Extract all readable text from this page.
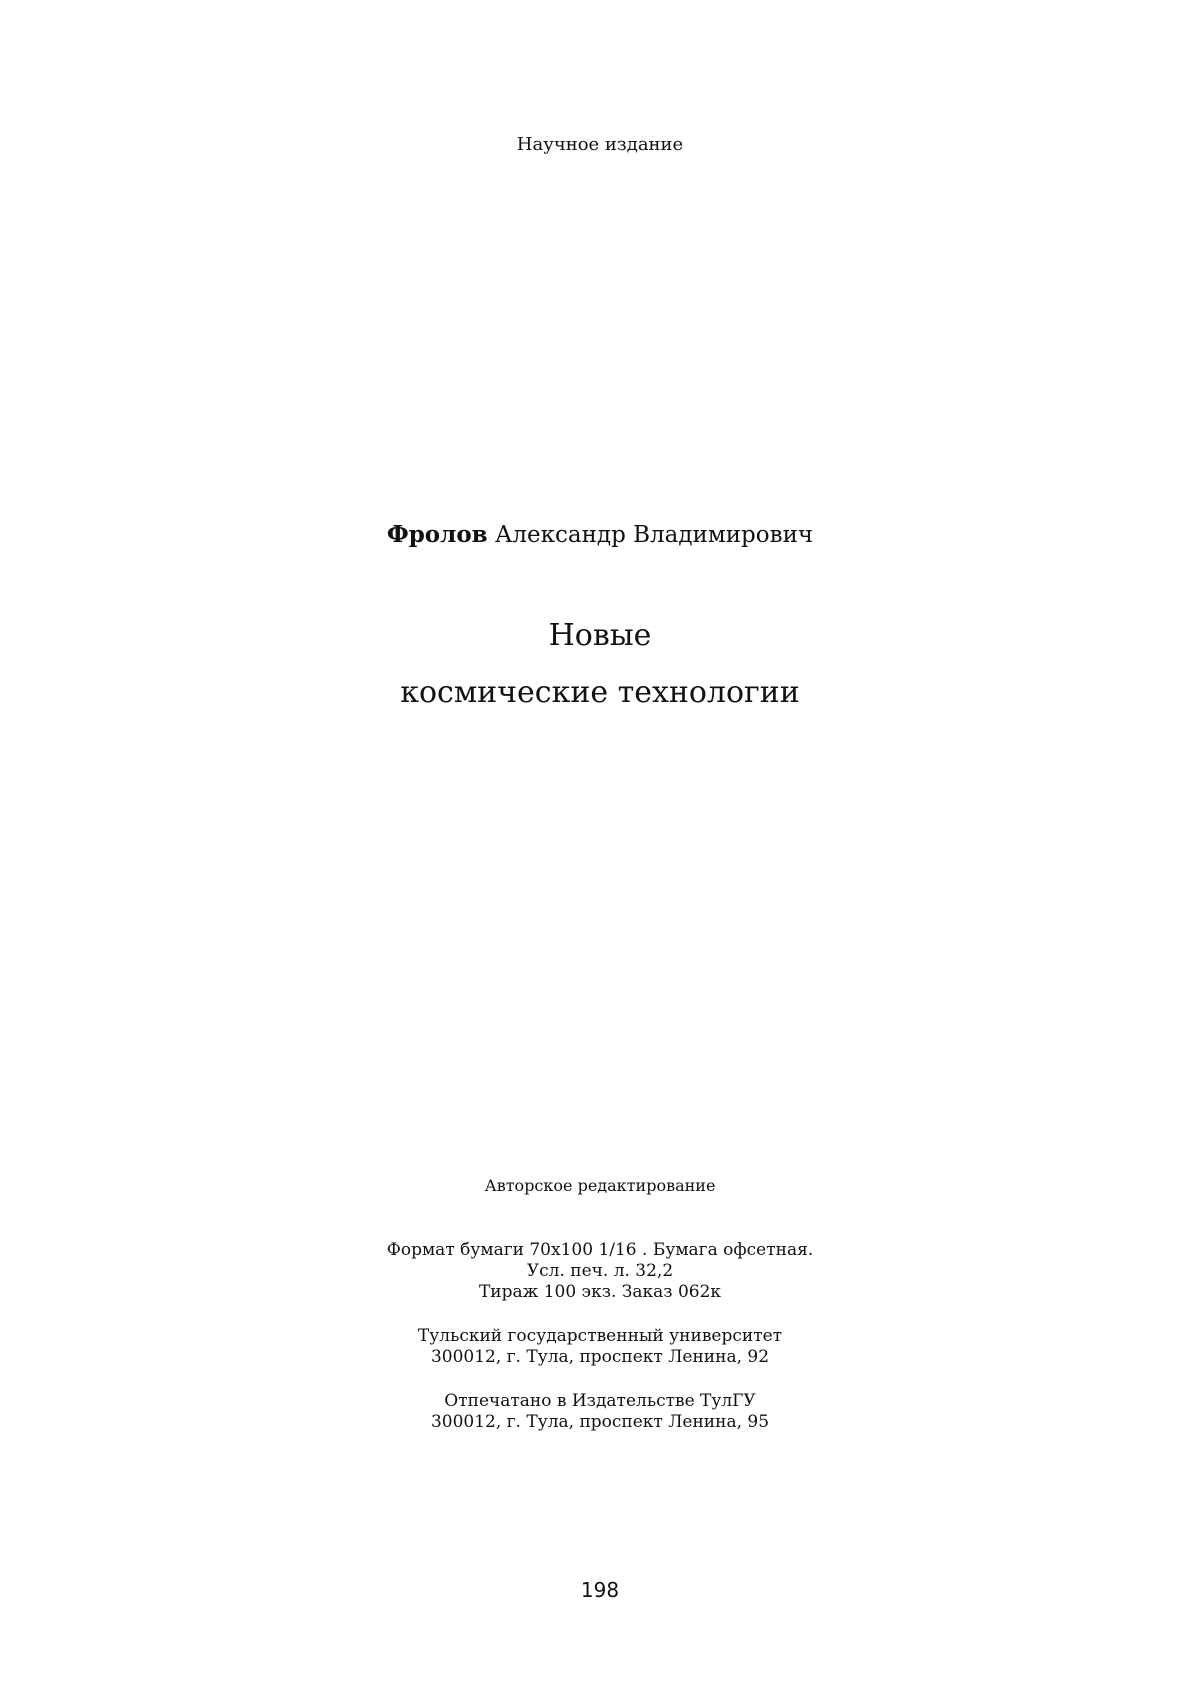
Научное издание
Фролов Александр Владимирович
Новые
космические технологии
Авторское редактирование
Формат бумаги 70х100 1/16 . Бумага офсетная.
Усл. печ. л. 32,2
Тираж 100 экз. Заказ 062к
Тульский государственный университет
300012, г. Тула, проспект Ленина, 92
Отпечатано в Издательстве ТулГУ
300012, г. Тула, проспект Ленина, 95
198
